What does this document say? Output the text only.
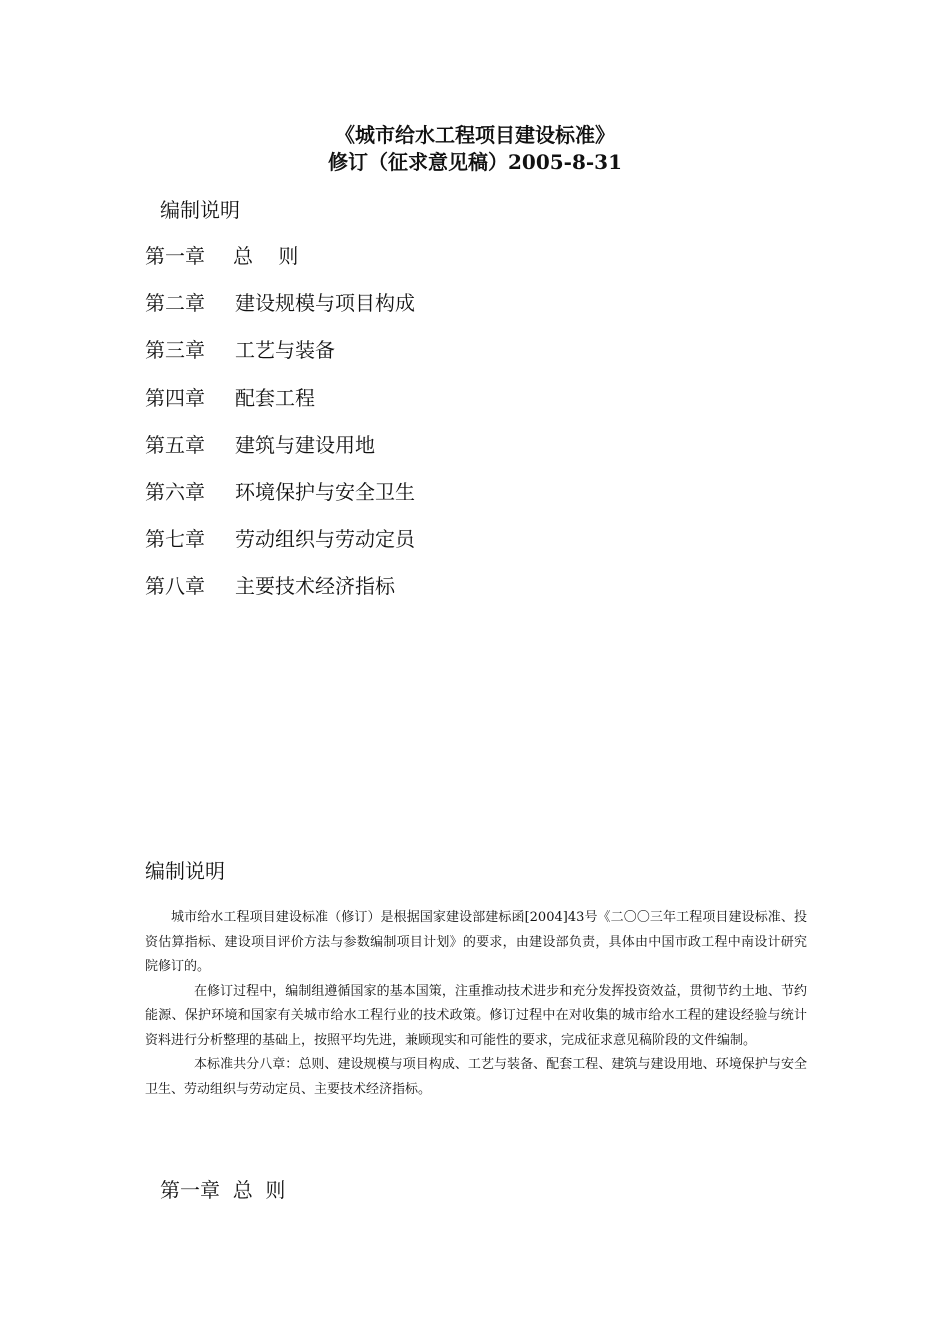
《城市给水工程项目建设标准》
修订（征求意见稿）2005-8-31
编制说明
第一章	总    则
第二章	建设规模与项目构成
第三章	工艺与装备
第四章	配套工程
第五章	建筑与建设用地
第六章	环境保护与安全卫生
第七章	劳动组织与劳动定员
第八章	主要技术经济指标
编制说明

城市给水工程项目建设标准（修订）是根据国家建设部建标函[2004]43号《二〇〇三年工程项目建设标准、投资估算指标、建设项目评价方法与参数编制项目计划》的要求，由建设部负责，具体由中国市政工程中南设计研究院修订的。

在修订过程中，编制组遵循国家的基本国策，注重推动技术进步和充分发挥投资效益，贯彻节约土地、节约能源、保护环境和国家有关城市给水工程行业的技术政策。修订过程中在对收集的城市给水工程的建设经验与统计资料进行分析整理的基础上，按照平均先进，兼顾现实和可能性的要求，完成征求意见稿阶段的文件编制。

本标准共分八章：总则、建设规模与项目构成、工艺与装备、配套工程、建筑与建设用地、环境保护与安全卫生、劳动组织与劳动定员、主要技术经济指标。

第一章  总  则
